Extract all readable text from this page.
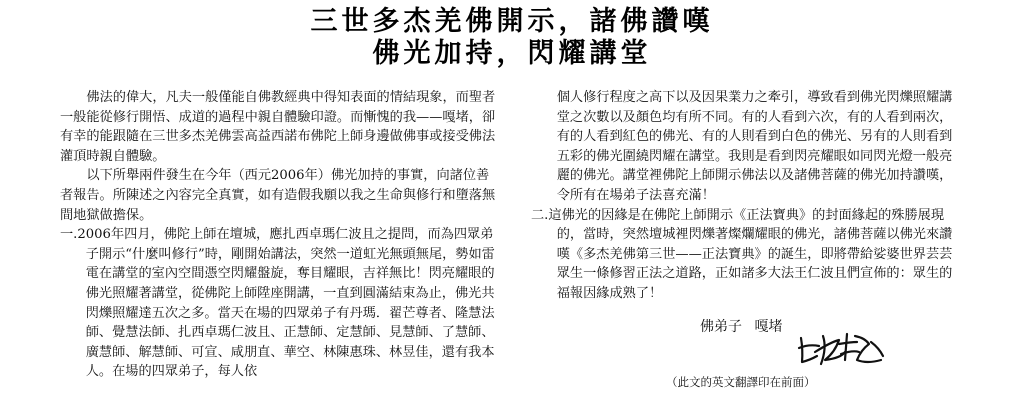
三世多杰羌佛開示，諸佛讚嘆
佛光加持，閃耀講堂

佛法的偉大，凡夫一般僅能自佛教經典中得知表面的情結現象，而聖者一般能從修行開悟、成道的過程中親自體驗印證。而慚愧的我——嘎堵，卻有幸的能跟隨在三世多杰羌佛雲高益西諾布佛陀上師身邊做佛事或接受佛法灌頂時親自體驗。

以下所舉兩件發生在今年（西元2006年）佛光加持的事實，向諸位善者報告。所陳述之內容完全真實，如有造假我願以我之生命與修行和墮落無間地獄做擔保。

一.2006年四月，佛陀上師在壇城，應扎西卓瑪仁波且之提問，而為四眾弟子開示“什麼叫修行”時，剛開始講法，突然一道虹光無頭無尾，勢如雷電在講堂的室內空間憑空閃耀盤旋，奪目耀眼，吉祥無比！閃亮耀眼的佛光照耀著講堂，從佛陀上師陞座開講，一直到圓滿結束為止，佛光共閃爍照耀達五次之多。當天在場的四眾弟子有丹瑪．翟芒尊者、隆慧法師、覺慧法師、扎西卓瑪仁波且、正慧師、定慧師、見慧師、了慧師、廣慧師、解慧師、可宣、咸朋直、華空、林陳惠珠、林昱佳，還有我本人。在場的四眾弟子，每人依

個人修行程度之高下以及因果業力之牽引，導致看到佛光閃爍照耀講堂之次數以及顏色均有所不同。有的人看到六次，有的人看到兩次，有的人看到紅色的佛光、有的人則看到白色的佛光、另有的人則看到五彩的佛光圍繞閃耀在講堂。我則是看到閃亮耀眼如同閃光燈一般亮麗的佛光。講堂裡佛陀上師開示佛法以及諸佛菩薩的佛光加持讚嘆，令所有在場弟子法喜充滿！

二.這佛光的因緣是在佛陀上師開示《正法寶典》的封面緣起的殊勝展現的，當時，突然壇城裡閃爍著燦爛耀眼的佛光，諸佛菩薩以佛光來讚嘆《多杰羌佛第三世——正法寶典》的誕生，即將帶給娑婆世界芸芸眾生一條修習正法之道路，正如諸多大法王仁波且們宣佈的：眾生的福報因緣成熟了！

佛弟子 嘎堵
（此文的英文翻譯印在前面）
